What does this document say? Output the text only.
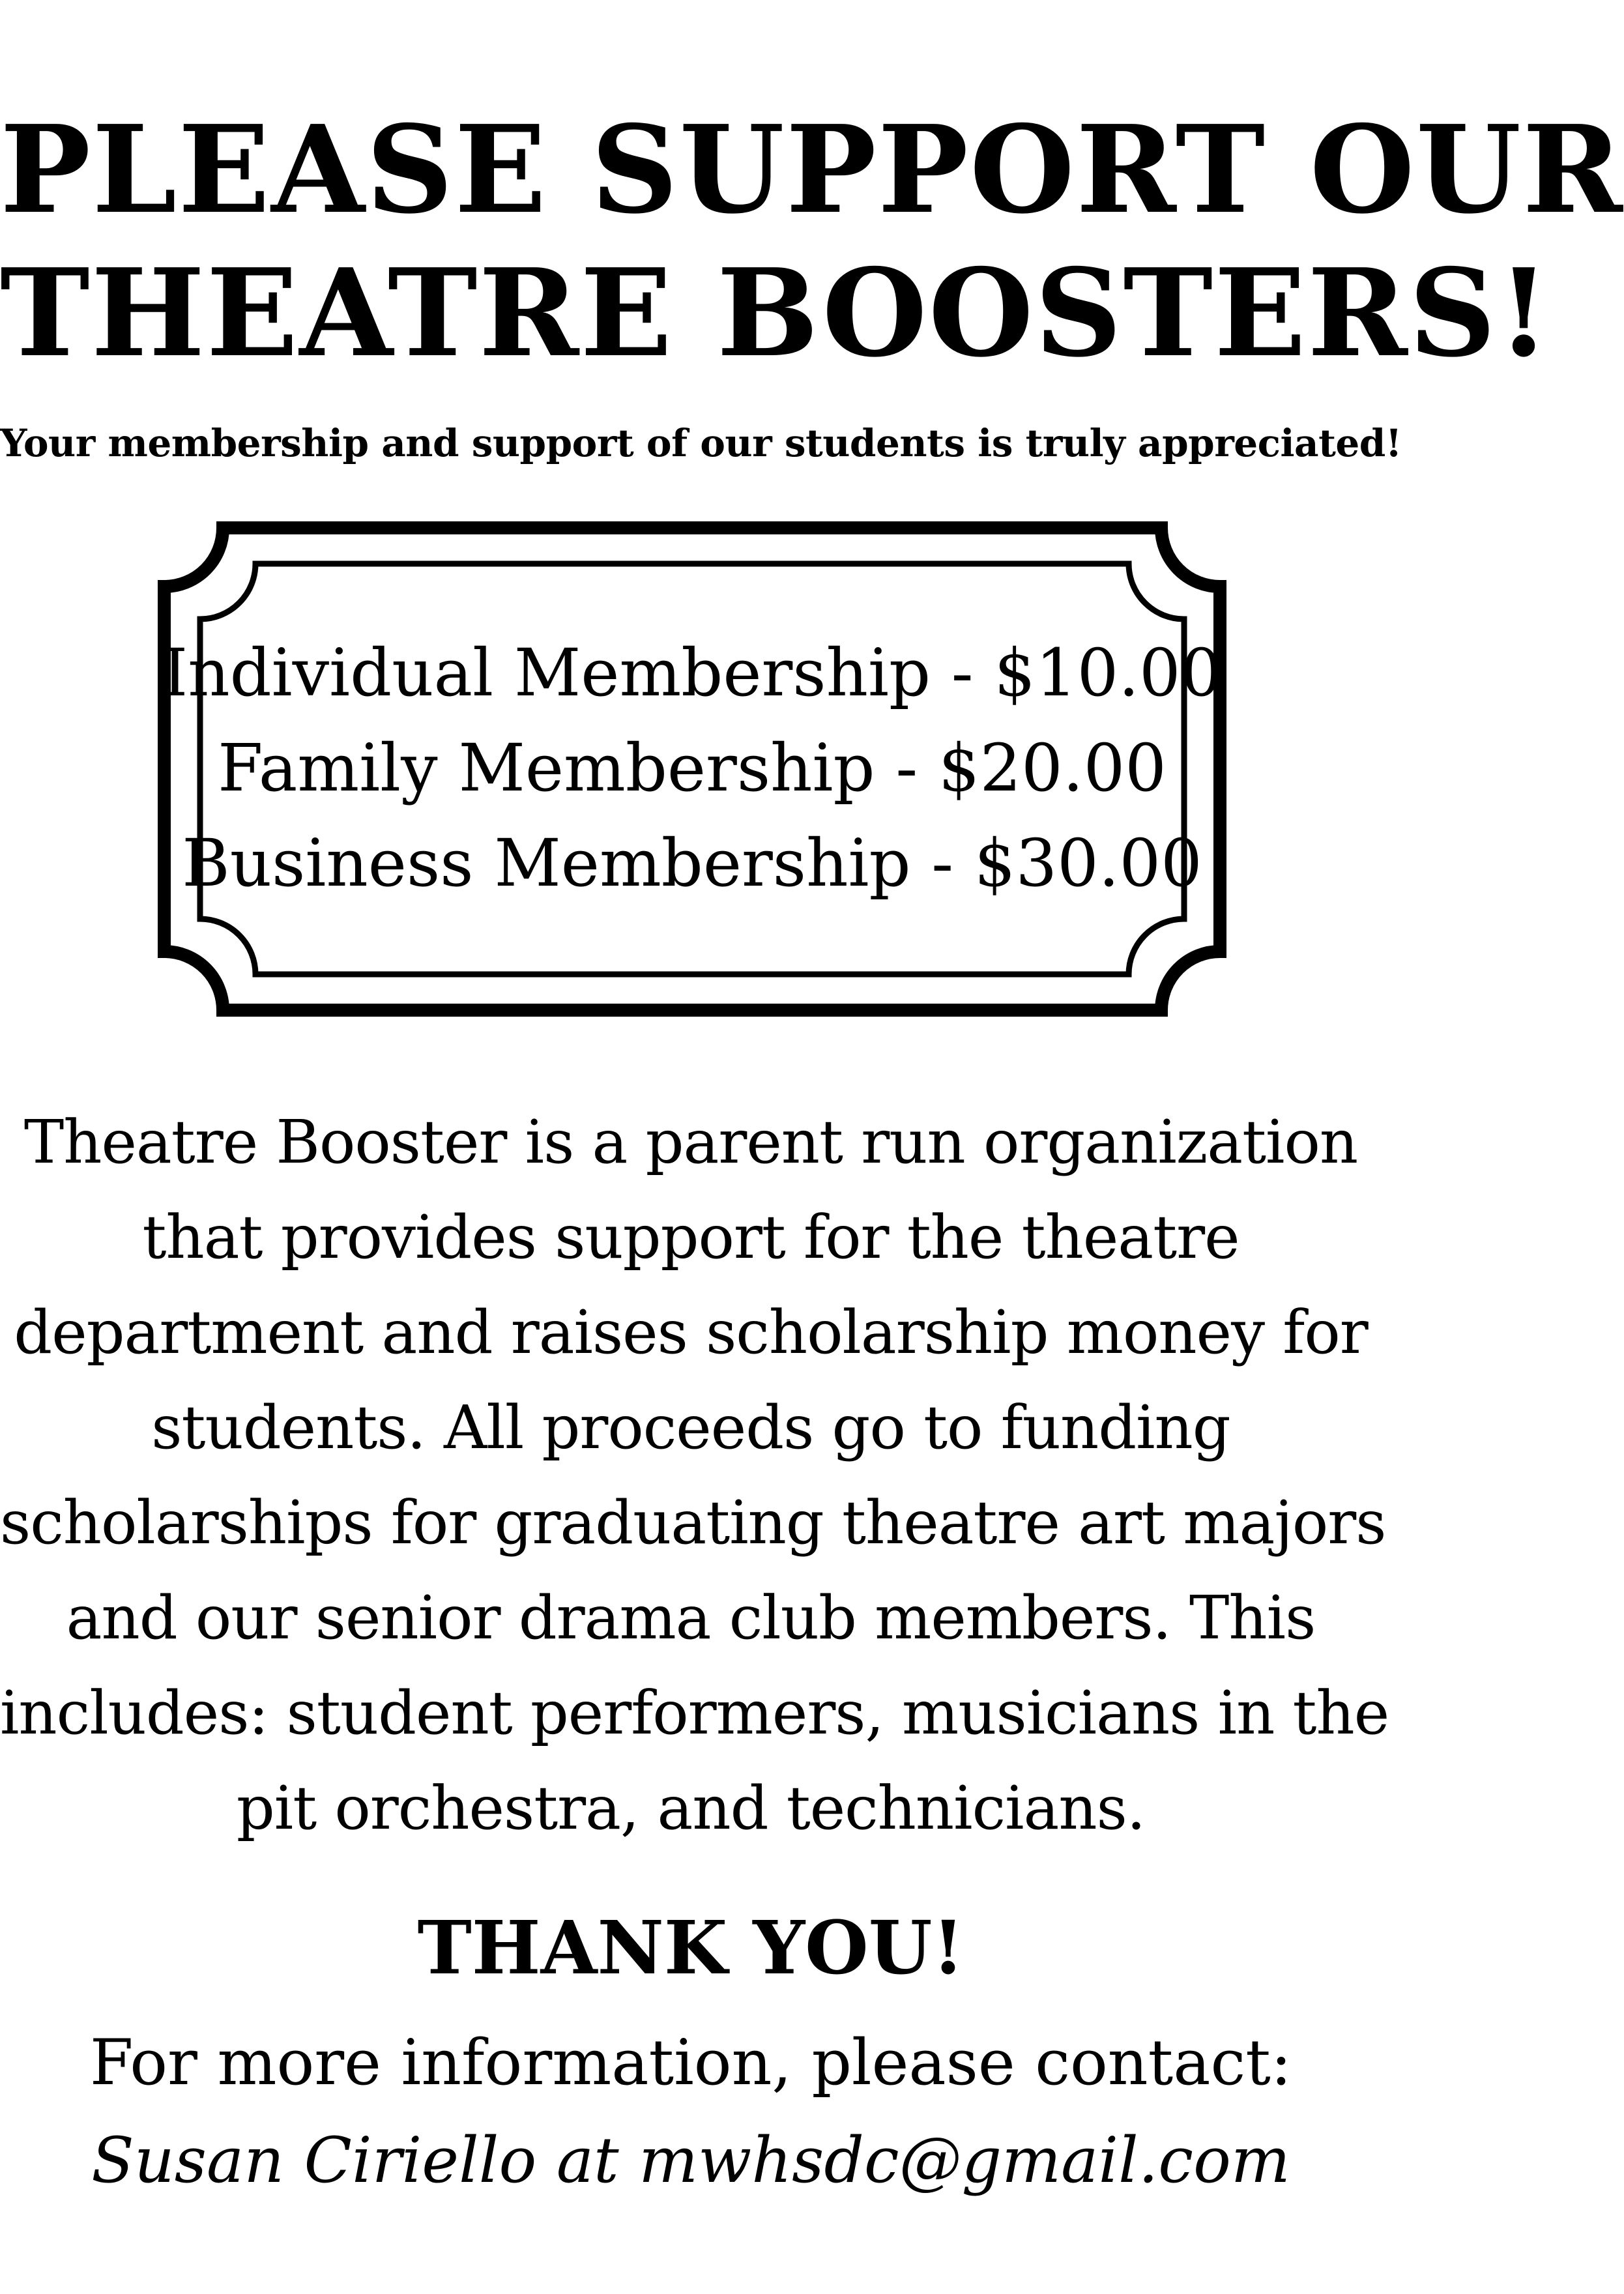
PLEASE SUPPORT OUR
THEATRE BOOSTERS!
Your membership and support of our students is truly appreciated!
Individual Membership - $10.00
Family Membership - $20.00
Business Membership - $30.00
Theatre Booster is a parent run organization
that provides support for the theatre
department and raises scholarship money for
students. All proceeds go to funding
scholarships for graduating theatre art majors
and our senior drama club members. This
includes: student performers, musicians in the
pit orchestra, and technicians.
THANK YOU!
For more information, please contact:
Susan Ciriello at mwhsdc@gmail.com
